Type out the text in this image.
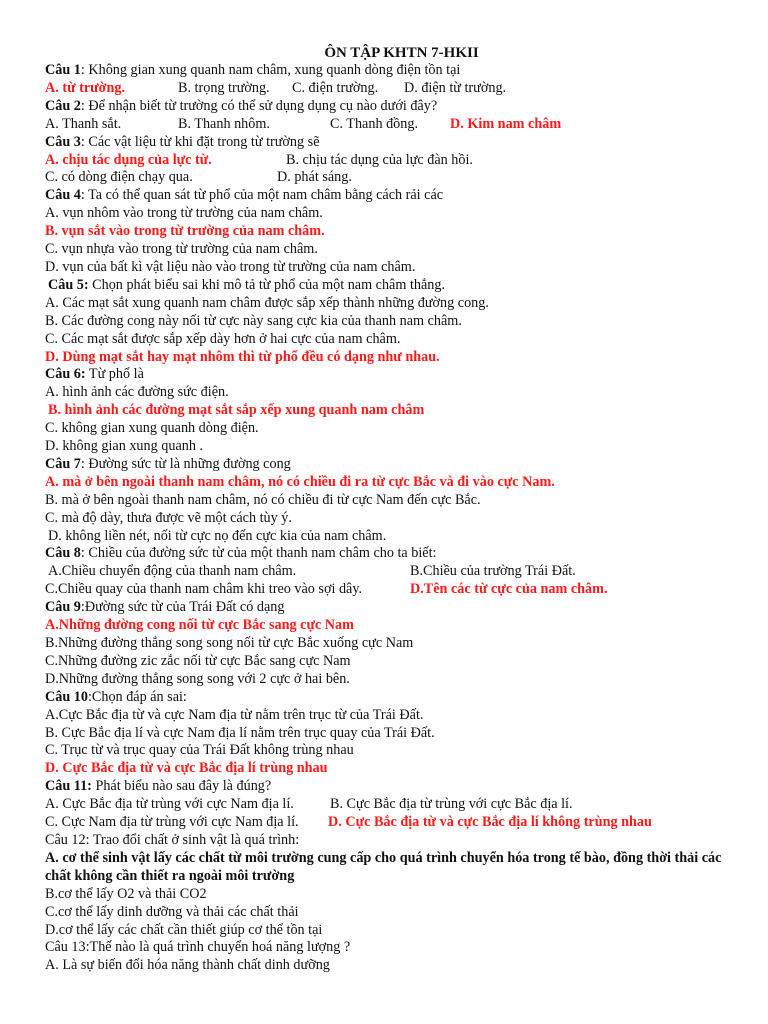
ÔN TẬP KHTN 7-HKII
Câu 1: Không gian xung quanh nam châm, xung quanh dòng điện tồn tại
A. từ trường.	B. trọng trường.	C. điện trường.	D. điện từ trường.
Câu 2: Để nhận biết từ trường có thể sử dụng dụng cụ nào dưới đây?
A. Thanh sắt.	B. Thanh nhôm.	C. Thanh đồng.	D. Kim nam châm
Câu 3: Các vật liệu từ khi đặt trong từ trường sẽ
A. chịu tác dụng của lực từ.	B. chịu tác dụng của lực đàn hồi.
C. có dòng điện chạy qua.	D. phát sáng.
Câu 4: Ta có thể quan sát từ phổ của một nam châm bằng cách rải các
A. vụn nhôm vào trong từ trường của nam châm.
B. vụn sắt vào trong từ trường của nam châm.
C. vụn nhựa vào trong từ trường của nam châm.
D. vụn của bất kì vật liệu nào vào trong từ trường của nam châm.
Câu 5: Chọn phát biểu sai khi mô tả từ phổ của một nam châm thẳng.
A. Các mạt sắt xung quanh nam châm được sắp xếp thành những đường cong.
B. Các đường cong này nối từ cực này sang cực kia của thanh nam châm.
C. Các mạt sắt được sắp xếp dày hơn ở hai cực của nam châm.
D. Dùng mạt sắt hay mạt nhôm thì từ phổ đều có dạng như nhau.
Câu 6: Từ phổ là
A. hình ảnh các đường sức điện.
B. hình ảnh các đường mạt sắt sắp xếp xung quanh nam châm
C. không gian xung quanh dòng điện.
D. không gian xung quanh .
Câu 7: Đường sức từ là những đường cong
A. mà ở bên ngoài thanh nam châm, nó có chiều đi ra từ cực Bắc và đi vào cực Nam.
B. mà ở bên ngoài thanh nam châm, nó có chiều đi từ cực Nam đến cực Bắc.
C. mà độ dày, thưa được vẽ một cách tùy ý.
D. không liền nét, nối từ cực nọ đến cực kia của nam châm.
Câu 8: Chiều của đường sức từ của một thanh nam châm cho ta biết:
A.Chiều chuyển động của thanh nam châm.	B.Chiều của trường Trái Đất.
C.Chiều quay của thanh nam châm khi treo vào sợi dây.	D.Tên các từ cực của nam châm.
Câu 9:Đường sức từ của Trái Đất có dạng
A.Những đường cong nối từ cực Bắc sang cực Nam
B.Những đường thẳng song song nối từ cực Bắc xuống cực Nam
C.Những đường zic zắc nối từ cực Bắc sang cực Nam
D.Những đường thẳng song song với 2 cực ở hai bên.
Câu 10:Chọn đáp án sai:
A.Cực Bắc địa từ và cực Nam địa từ nằm trên trục từ của Trái Đất.
B. Cực Bắc địa lí và cực Nam địa lí nằm trên trục quay của Trái Đất.
C. Trục từ và trục quay của Trái Đất không trùng nhau
D. Cực Bắc địa từ và cực Bắc địa lí trùng nhau
Câu 11: Phát biểu nào sau đây là đúng?
A. Cực Bắc địa từ trùng với cực Nam địa lí.	B. Cực Bắc địa từ trùng với cực Bắc địa lí.
C. Cực Nam địa từ trùng với cực Nam địa lí.	D. Cực Bắc địa từ và cực Bắc địa lí không trùng nhau
Câu 12: Trao đổi chất ở sinh vật là quá trình:
A. cơ thể sinh vật lấy các chất từ môi trường cung cấp cho quá trình chuyển hóa trong tế bào, đồng thời thải các chất không cần thiết ra ngoài môi trường
B.cơ thể lấy O2 và thải CO2
C.cơ thể lấy dinh dưỡng và thải các chất thải
D.cơ thể lấy các chất cần thiết giúp cơ thể tồn tại
Câu 13:Thế nào là quá trình chuyển hoá năng lượng ?
A. Là sự biến đổi hóa năng thành chất dinh dưỡng
